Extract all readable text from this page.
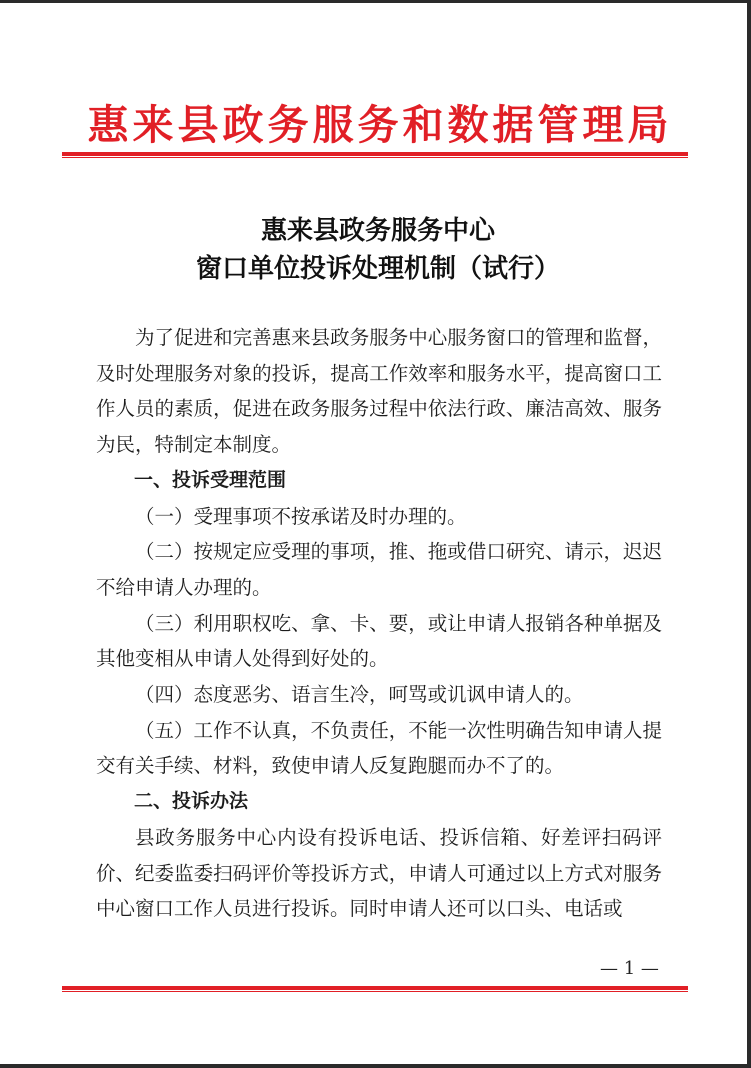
惠来县政务服务和数据管理局
惠来县政务服务中心
窗口单位投诉处理机制（试行）

为了促进和完善惠来县政务服务中心服务窗口的管理和监督，及时处理服务对象的投诉，提高工作效率和服务水平，提高窗口工作人员的素质，促进在政务服务过程中依法行政、廉洁高效、服务为民，特制定本制度。

一、投诉受理范围

（一）受理事项不按承诺及时办理的。

（二）按规定应受理的事项，推、拖或借口研究、请示，迟迟不给申请人办理的。

（三）利用职权吃、拿、卡、要，或让申请人报销各种单据及其他变相从申请人处得到好处的。

（四）态度恶劣、语言生冷，呵骂或讥讽申请人的。

（五）工作不认真，不负责任，不能一次性明确告知申请人提交有关手续、材料，致使申请人反复跑腿而办不了的。

二、投诉办法

县政务服务中心内设有投诉电话、投诉信箱、好差评扫码评价、纪委监委扫码评价等投诉方式，申请人可通过以上方式对服务中心窗口工作人员进行投诉。同时申请人还可以口头、电话或

— 1 —
